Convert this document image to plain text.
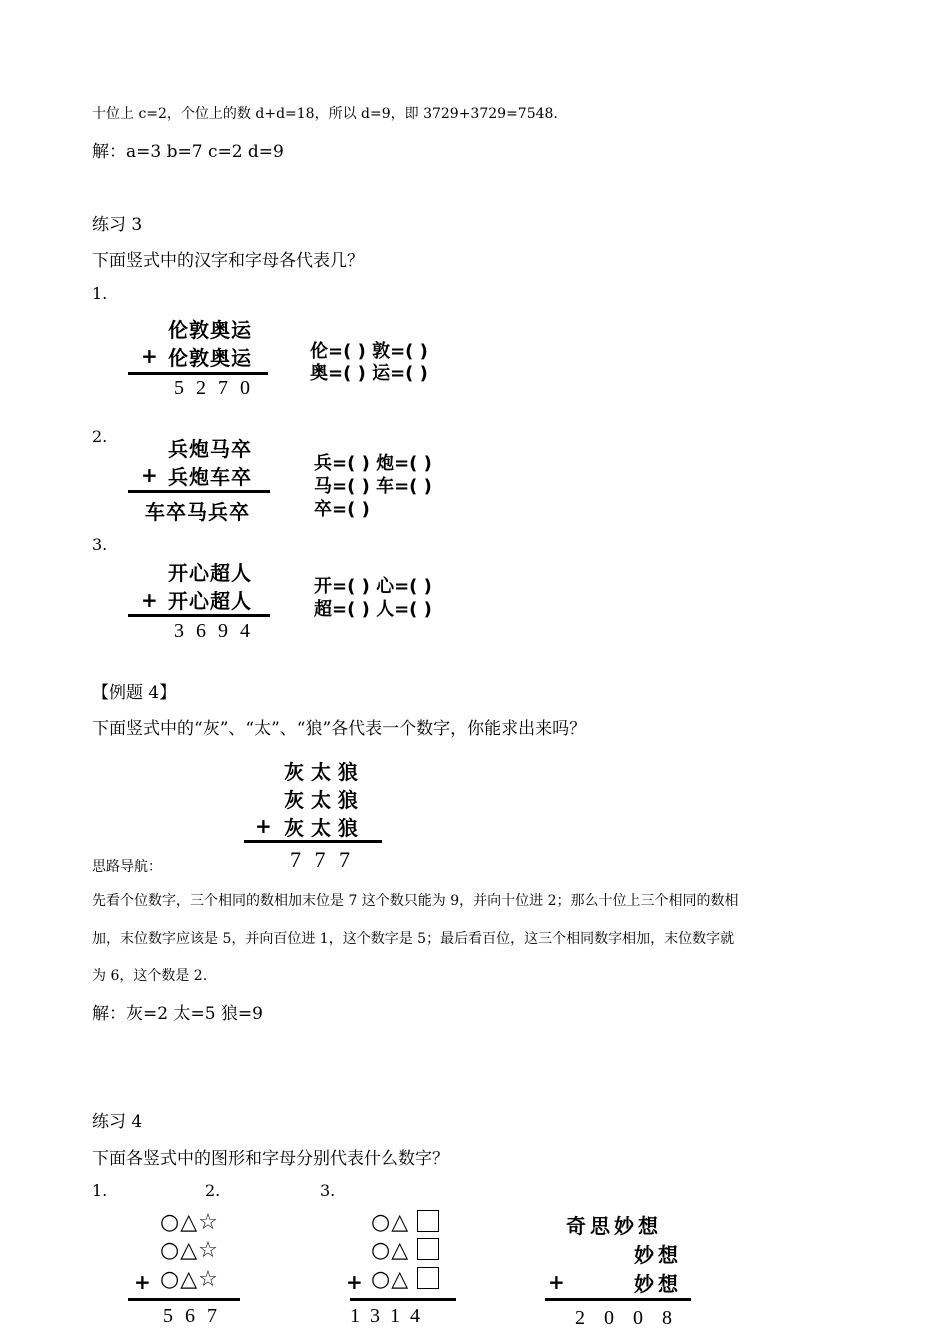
十位上 c=2，个位上的数 d+d=18，所以 d=9，即 3729+3729=7548.
解：a=3 b=7 c=2 d=9
练习 3
下面竖式中的汉字和字母各代表几？
1.
伦敦奥运
+ 伦敦奥运
5270
伦=( ) 敦=( )
奥=( ) 运=( )
2.
兵炮马卒
+ 兵炮车卒
车卒马兵卒
兵=( ) 炮=( )
马=( ) 车=( )
卒=( )
3.
开心超人
+ 开心超人
3694
开=( ) 心=( )
超=( ) 人=( )
【例题 4】
下面竖式中的“灰”、“太”、“狼”各代表一个数字，你能求出来吗？
灰 太 狼
灰 太 狼
+ 灰 太 狼
7 7 7
思路导航：
先看个位数字，三个相同的数相加末位是 7 这个数只能为 9，并向十位进 2；那么十位上三个相同的数相
加，末位数字应该是 5，并向百位进 1，这个数字是 5；最后看百位，这三个相同数字相加，末位数字就
为 6，这个数是 2.
解：灰=2 太=5 狼=9
练习 4
下面各竖式中的图形和字母分别代表什么数字？
1.	2.	3.
○△☆
○△☆
+ ○△☆
567
○△
○△
+ ○△
1314
奇思妙想
妙想
+	妙想
2008
